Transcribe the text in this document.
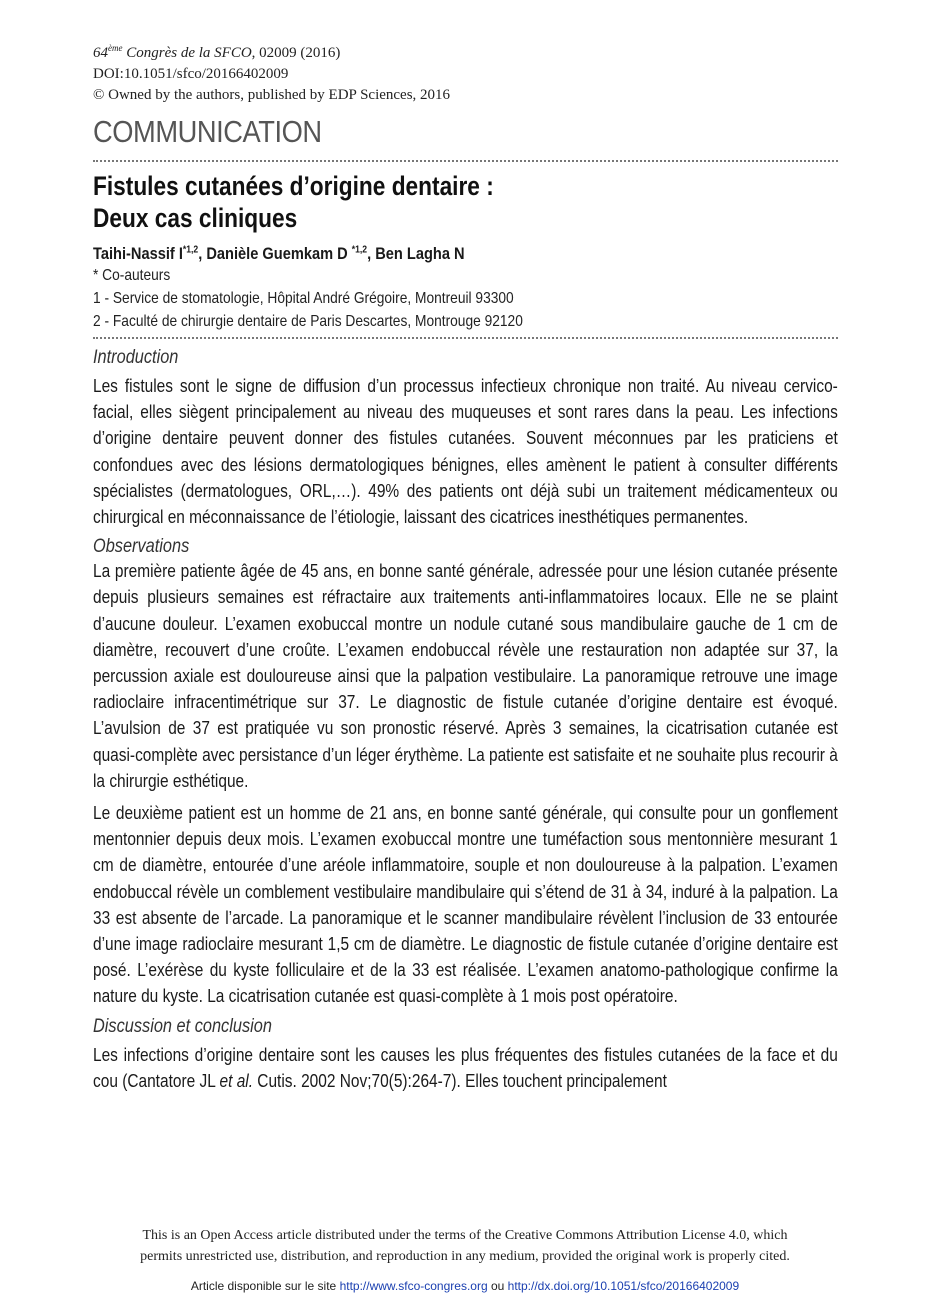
64ème Congrès de la SFCO, 02009 (2016)
DOI:10.1051/sfco/20166402009
© Owned by the authors, published by EDP Sciences, 2016
COMMUNICATION
Fistules cutanées d’origine dentaire :
Deux cas cliniques
Taihi-Nassif I$^{*1,2}$, Danièle Guemkam D $^{*1,2}$, Ben Lagha N
* Co-auteurs
1 - Service de stomatologie, Hôpital André Grégoire, Montreuil 93300
2 - Faculté de chirurgie dentaire de Paris Descartes, Montrouge 92120
Introduction
Les fistules sont le signe de diffusion d’un processus infectieux chronique non traité. Au niveau cervico-facial, elles siègent principalement au niveau des muqueuses et sont rares dans la peau. Les infections d’origine dentaire peuvent donner des fistules cutanées. Souvent méconnues par les praticiens et confondues avec des lésions dermatologiques bénignes, elles amènent le patient à consulter différents spécialistes (dermatologues, ORL,…). 49% des patients ont déjà subi un traitement médicamenteux ou chirurgical en méconnaissance de l’étiologie, laissant des cicatrices inesthétiques permanentes.
Observations
La première patiente âgée de 45 ans, en bonne santé générale, adressée pour une lésion cutanée présente depuis plusieurs semaines est réfractaire aux traitements anti-inflammatoires locaux. Elle ne se plaint d’aucune douleur. L’examen exobuccal montre un nodule cutané sous mandibulaire gauche de 1 cm de diamètre, recouvert d’une croûte. L’examen endobuccal révèle une restauration non adaptée sur 37, la percussion axiale est douloureuse ainsi que la palpation vestibulaire. La panoramique retrouve une image radioclaire infracentimétrique sur 37. Le diagnostic de fistule cutanée d’origine dentaire est évoqué. L’avulsion de 37 est pratiquée vu son pronostic réservé. Après 3 semaines, la cicatrisation cutanée est quasi-complète avec persistance d’un léger érythème. La patiente est satisfaite et ne souhaite plus recourir à la chirurgie esthétique.
Le deuxième patient est un homme de 21 ans, en bonne santé générale, qui consulte pour un gonflement mentonnier depuis deux mois. L’examen exobuccal montre une tuméfaction sous mentonnière mesurant 1 cm de diamètre, entourée d’une aréole inflammatoire, souple et non douloureuse à la palpation. L’examen endobuccal révèle un comblement vestibulaire mandibulaire qui s’étend de 31 à 34, induré à la palpation. La 33 est absente de l’arcade. La panoramique et le scanner mandibulaire révèlent l’inclusion de 33 entourée d’une image radioclaire mesurant 1,5 cm de diamètre. Le diagnostic de fistule cutanée d’origine dentaire est posé. L’exérèse du kyste folliculaire et de la 33 est réalisée. L’examen anatomo-pathologique confirme la nature du kyste. La cicatrisation cutanée est quasi-complète à 1 mois post opératoire.
Discussion et conclusion
Les infections d’origine dentaire sont les causes les plus fréquentes des fistules cutanées de la face et du cou (Cantatore JL et al. Cutis. 2002 Nov;70(5):264-7). Elles touchent principalement
This is an Open Access article distributed under the terms of the Creative Commons Attribution License 4.0, which
permits unrestricted use, distribution, and reproduction in any medium, provided the original work is properly cited.
Article disponible sur le site http://www.sfco-congres.org ou http://dx.doi.org/10.1051/sfco/20166402009
